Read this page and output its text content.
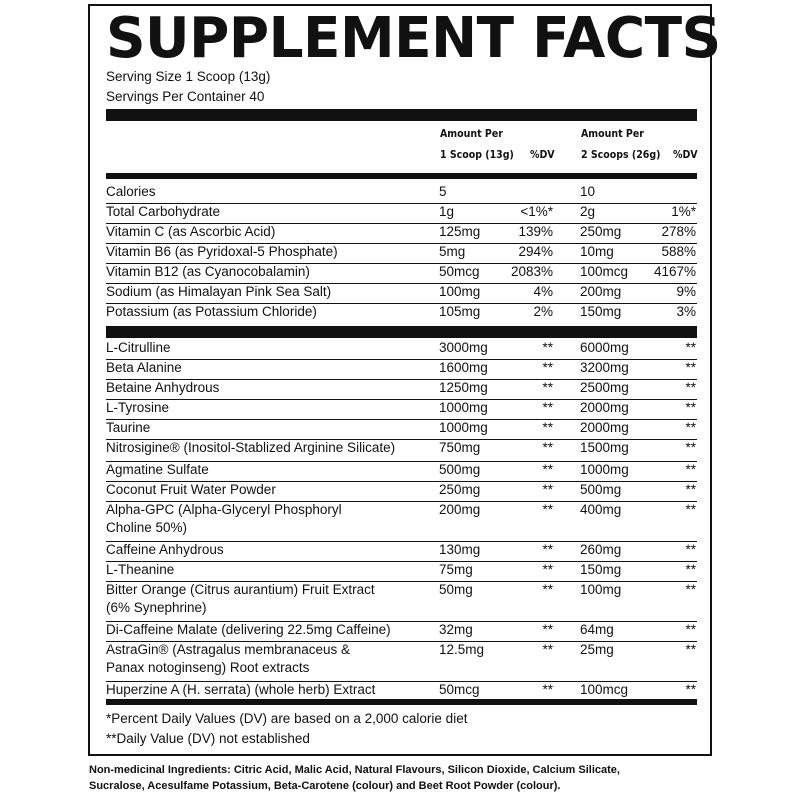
SUPPLEMENT FACTS
Serving Size 1 Scoop (13g)
Servings Per Container 40
Amount Per
1 Scoop (13g) %DV
Amount Per
2 Scoops (26g) %DV
Calories	5	10
Total Carbohydrate	1g	<1%* 2g	1%*
Vitamin C (as Ascorbic Acid)	125mg	139% 250mg	278%
Vitamin B6 (as Pyridoxal-5 Phosphate)	5mg	294% 10mg	588%
Vitamin B12 (as Cyanocobalamin)	50mcg	2083% 100mcg	4167%
Sodium (as Himalayan Pink Sea Salt)	100mg	4% 200mg	9%
Potassium (as Potassium Chloride)	105mg	2% 150mg	3%
L-Citrulline	3000mg	** 6000mg	**
Beta Alanine	1600mg	** 3200mg	**
Betaine Anhydrous	1250mg	** 2500mg	**
L-Tyrosine	1000mg	** 2000mg	**
Taurine	1000mg	** 2000mg	**
Nitrosigine® (Inositol-Stablized Arginine Silicate)	750mg	** 1500mg	**
Agmatine Sulfate	500mg	** 1000mg	**
Coconut Fruit Water Powder	250mg	** 500mg	**
Alpha-GPC (Alpha-Glyceryl Phosphoryl
Choline 50%)
200mg	** 400mg	**
Caffeine Anhydrous	130mg	** 260mg	**
L-Theanine	75mg	** 150mg	**
Bitter Orange (Citrus aurantium) Fruit Extract
(6% Synephrine)
50mg	** 100mg	**
Di-Caffeine Malate (delivering 22.5mg Caffeine)	32mg	** 64mg	**
AstraGin® (Astragalus membranaceus &
Panax notoginseng) Root extracts
12.5mg	** 25mg	**
Huperzine A (H. serrata) (whole herb) Extract	50mcg	** 100mcg	**
*Percent Daily Values (DV) are based on a 2,000 calorie diet
**Daily Value (DV) not established
Non-medicinal Ingredients: Citric Acid, Malic Acid, Natural Flavours, Silicon Dioxide, Calcium Silicate,
Sucralose, Acesulfame Potassium, Beta-Carotene (colour) and Beet Root Powder (colour).
